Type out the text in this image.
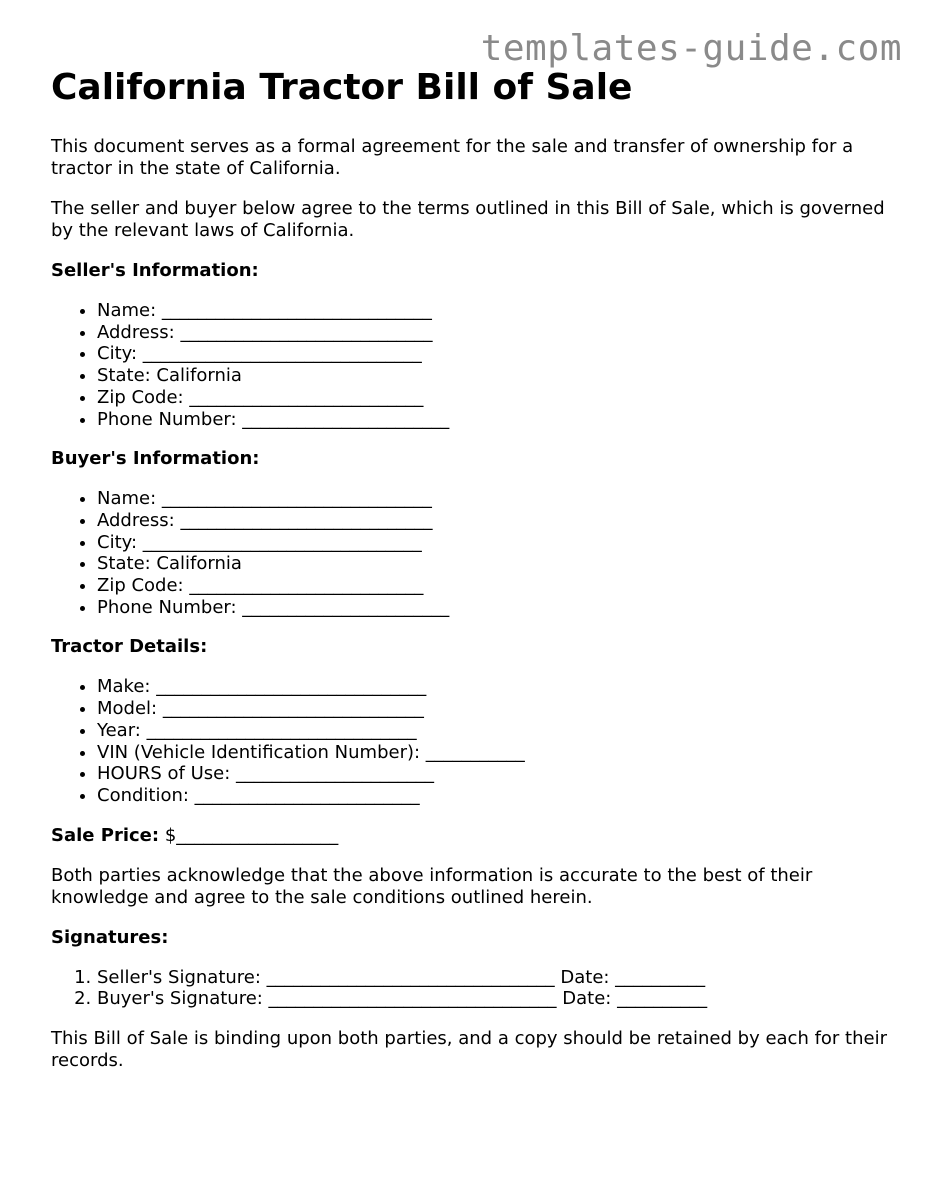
templates-guide.com
California Tractor Bill of Sale

This document serves as a formal agreement for the sale and transfer of ownership for a tractor in the state of California.

The seller and buyer below agree to the terms outlined in this Bill of Sale, which is governed by the relevant laws of California.

Seller's Information:
• Name: ______________________________
• Address: ____________________________
• City: _______________________________
• State: California
• Zip Code: __________________________
• Phone Number: _______________________
Buyer's Information:
• Name: ______________________________
• Address: ____________________________
• City: _______________________________
• State: California
• Zip Code: __________________________
• Phone Number: _______________________
Tractor Details:
• Make: ______________________________
• Model: _____________________________
• Year: ______________________________
• VIN (Vehicle Identification Number): ___________
• HOURS of Use: ______________________
• Condition: _________________________
Sale Price: $__________________

Both parties acknowledge that the above information is accurate to the best of their knowledge and agree to the sale conditions outlined herein.

Signatures:
1. Seller's Signature: ________________________________ Date: __________
2. Buyer's Signature: ________________________________ Date: __________

This Bill of Sale is binding upon both parties, and a copy should be retained by each for their records.
